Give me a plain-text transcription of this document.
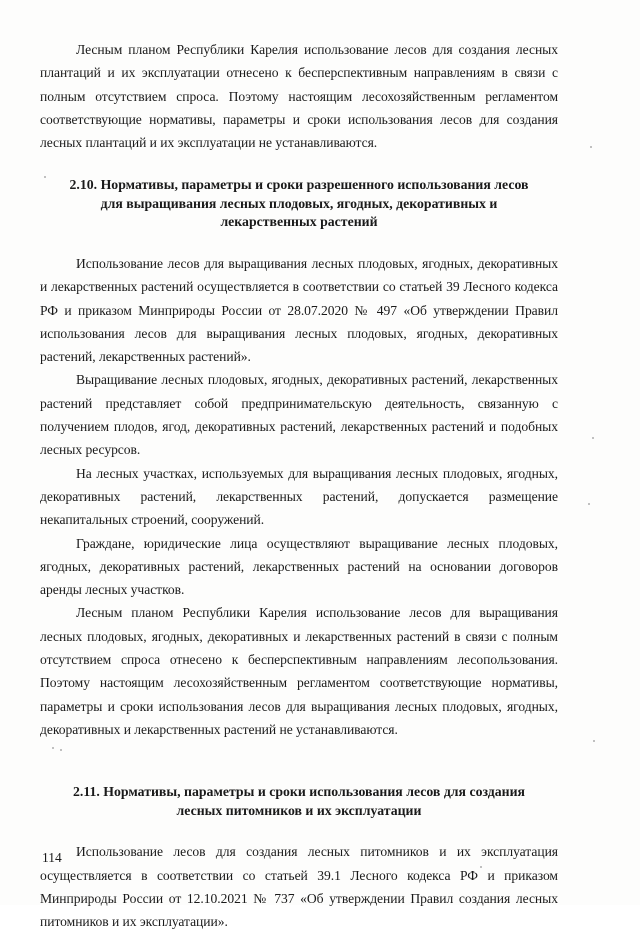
Лесным планом Республики Карелия использование лесов для создания лесных плантаций и их эксплуатации отнесено к бесперспективным направлениям в связи с полным отсутствием спроса. Поэтому настоящим лесохозяйственным регламентом соответствующие нормативы, параметры и сроки использования лесов для создания лесных плантаций и их эксплуатации не устанавливаются.

2.10. Нормативы, параметры и сроки разрешенного использования лесов для выращивания лесных плодовых, ягодных, декоративных и лекарственных растений

Использование лесов для выращивания лесных плодовых, ягодных, декоративных и лекарственных растений осуществляется в соответствии со статьей 39 Лесного кодекса РФ и приказом Минприроды России от 28.07.2020 № 497 «Об утверждении Правил использования лесов для выращивания лесных плодовых, ягодных, декоративных растений, лекарственных растений».

Выращивание лесных плодовых, ягодных, декоративных растений, лекарственных растений представляет собой предпринимательскую деятельность, связанную с получением плодов, ягод, декоративных растений, лекарственных растений и подобных лесных ресурсов.

На лесных участках, используемых для выращивания лесных плодовых, ягодных, декоративных растений, лекарственных растений, допускается размещение некапитальных строений, сооружений.

Граждане, юридические лица осуществляют выращивание лесных плодовых, ягодных, декоративных растений, лекарственных растений на основании договоров аренды лесных участков.

Лесным планом Республики Карелия использование лесов для выращивания лесных плодовых, ягодных, декоративных и лекарственных растений в связи с полным отсутствием спроса отнесено к бесперспективным направлениям лесопользования. Поэтому настоящим лесохозяйственным регламентом соответствующие нормативы, параметры и сроки использования лесов для выращивания лесных плодовых, ягодных, декоративных и лекарственных растений не устанавливаются.

2.11. Нормативы, параметры и сроки использования лесов для создания лесных питомников и их эксплуатации

Использование лесов для создания лесных питомников и их эксплуатация осуществляется в соответствии со статьей 39.1 Лесного кодекса РФ и приказом Минприроды России от 12.10.2021 № 737 «Об утверждении Правил создания лесных питомников и их эксплуатации».

114
